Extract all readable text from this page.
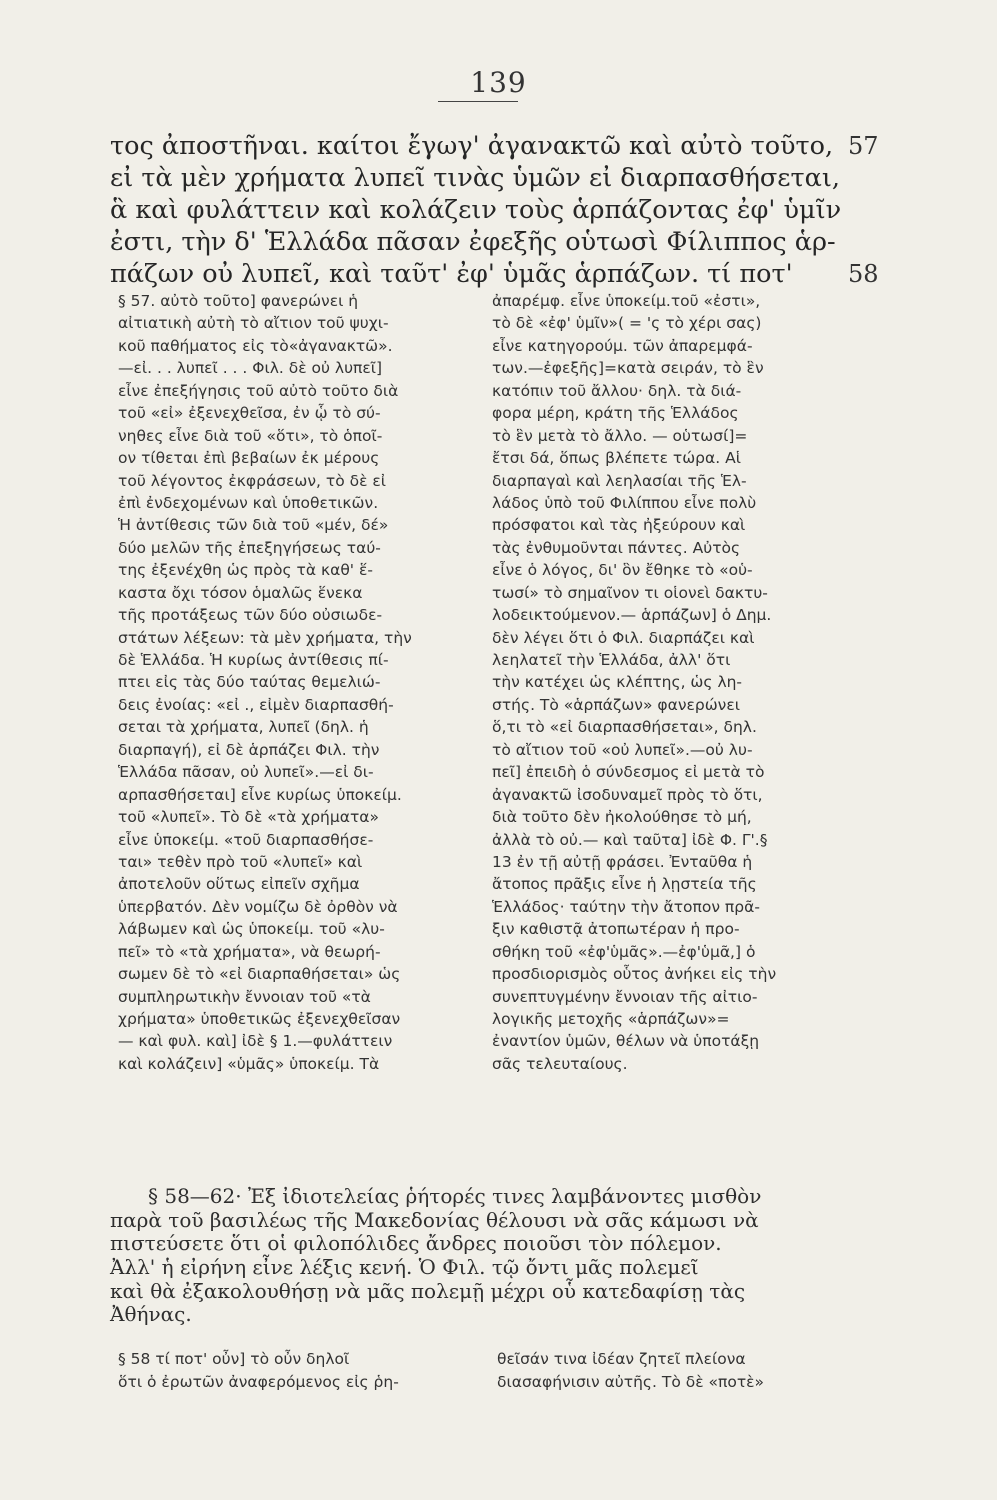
139
τος ἀποστῆναι. καίτοι ἔγωγ' ἀγανακτῶ καὶ αὐτὸ τοῦτο,
εἰ τὰ μὲν χρήματα λυπεῖ τινὰς ὑμῶν εἰ διαρπασθήσεται,
ἃ καὶ φυλάττειν καὶ κολάζειν τοὺς ἁρπάζοντας ἐφ' ὑμῖν
ἐστι, τὴν δ' Ἑλλάδα πᾶσαν ἐφεξῆς οὑτωσὶ Φίλιππος ἁρ-
πάζων οὐ λυπεῖ, καὶ ταῦτ' ἐφ' ὑμᾶς ἁρπάζων. τί ποτ'
57
58
§ 57. αὐτὸ τοῦτο] φανερώνει ἡ
αἰτιατικὴ αὐτὴ τὸ αἴτιον τοῦ ψυχι-
κοῦ παθήματος εἰς τὸ«ἀγανακτῶ».
—εἰ. . . λυπεῖ . . . Φιλ. δὲ οὐ λυπεῖ]
εἶνε ἐπεξήγησις τοῦ αὐτὸ τοῦτο διὰ
τοῦ «εἰ» ἐξενεχθεῖσα, ἐν ᾧ τὸ σύ-
νηθες εἶνε διὰ τοῦ «ὅτι», τὸ ὁποῖ-
ον τίθεται ἐπὶ βεβαίων ἐκ μέρους
τοῦ λέγοντος ἐκφράσεων, τὸ δὲ εἰ
ἐπὶ ἐνδεχομένων καὶ ὑποθετικῶν.
Ἡ ἀντίθεσις τῶν διὰ τοῦ «μέν, δέ»
δύο μελῶν τῆς ἐπεξηγήσεως ταύ-
της ἐξενέχθη ὡς πρὸς τὰ καθ' ἕ-
καστα ὄχι τόσον ὁμαλῶς ἕνεκα
τῆς προτάξεως τῶν δύο οὐσιωδε-
στάτων λέξεων: τὰ μὲν χρήματα, τὴν
δὲ Ἑλλάδα. Ἡ κυρίως ἀντίθεσις πί-
πτει εἰς τὰς δύο ταύτας θεμελιώ-
δεις ἐνοίας: «εἰ ., εἰμὲν διαρπασθή-
σεται τὰ χρήματα, λυπεῖ (δηλ. ἡ
διαρπαγή), εἰ δὲ ἁρπάζει Φιλ. τὴν
Ἑλλάδα πᾶσαν, οὐ λυπεῖ».—εἰ δι-
αρπασθήσεται] εἶνε κυρίως ὑποκείμ.
τοῦ «λυπεῖ». Τὸ δὲ «τὰ χρήματα»
εἶνε ὑποκείμ. «τοῦ διαρπασθήσε-
ται» τεθὲν πρὸ τοῦ «λυπεῖ» καὶ
ἀποτελοῦν οὕτως εἰπεῖν σχῆμα
ὑπερβατόν. Δὲν νομίζω δὲ ὀρθὸν νὰ
λάβωμεν καὶ ὡς ὑποκείμ. τοῦ «λυ-
πεῖ» τὸ «τὰ χρήματα», νὰ θεωρή-
σωμεν δὲ τὸ «εἰ διαρπαθήσεται» ὡς
συμπληρωτικὴν ἔννοιαν τοῦ «τὰ
χρήματα» ὑποθετικῶς ἐξενεχθεῖσαν
— καὶ φυλ. καὶ] ἰδὲ § 1.—φυλάττειν
καὶ κολάζειν] «ὑμᾶς» ὑποκείμ. Τὰ
ἀπαρέμφ. εἶνε ὑποκείμ.τοῦ «ἐστι»,
τὸ δὲ «ἐφ' ὑμῖν»( = 'ς τὸ χέρι σας)
εἶνε κατηγορούμ. τῶν ἀπαρεμφά-
των.—ἐφεξῆς]=κατὰ σειράν, τὸ ἓν
κατόπιν τοῦ ἄλλου· δηλ. τὰ διά-
φορα μέρη, κράτη τῆς Ἑλλάδος
τὸ ἓν μετὰ τὸ ἄλλο. — οὑτωσί]=
ἔτσι δά, ὅπως βλέπετε τώρα. Αἱ
διαρπαγαὶ καὶ λεηλασίαι τῆς Ἑλ-
λάδος ὑπὸ τοῦ Φιλίππου εἶνε πολὺ
πρόσφατοι καὶ τὰς ἠξεύρουν καὶ
τὰς ἐνθυμοῦνται πάντες. Αὐτὸς
εἶνε ὁ λόγος, δι' ὃν ἔθηκε τὸ «οὑ-
τωσί» τὸ σημαῖνον τι οἱονεὶ δακτυ-
λοδεικτούμενον.— ἁρπάζων] ὁ Δημ.
δὲν λέγει ὅτι ὁ Φιλ. διαρπάζει καὶ
λεηλατεῖ τὴν Ἑλλάδα, ἀλλ' ὅτι
τὴν κατέχει ὡς κλέπτης, ὡς λη-
στής. Τὸ «ἁρπάζων» φανερώνει
ὅ,τι τὸ «εἰ διαρπασθήσεται», δηλ.
τὸ αἴτιον τοῦ «οὐ λυπεῖ».—οὐ λυ-
πεῖ] ἐπειδὴ ὁ σύνδεσμος εἰ μετὰ τὸ
ἀγανακτῶ ἰσοδυναμεῖ πρὸς τὸ ὅτι,
διὰ τοῦτο δὲν ἠκολούθησε τὸ μή,
ἀλλὰ τὸ οὐ.— καὶ ταῦτα] ἰδὲ Φ. Γ'.§
13 ἐν τῇ αὐτῇ φράσει. Ἐνταῦθα ἡ
ἄτοπος πρᾶξις εἶνε ἡ λῃστεία τῆς
Ἑλλάδος· ταύτην τὴν ἄτοπον πρᾶ-
ξιν καθιστᾷ ἀτοπωτέραν ἡ προ-
σθήκη τοῦ «ἐφ'ὑμᾶς».—ἐφ'ὑμᾶ,] ὁ
προσδιορισμὸς οὗτος ἀνήκει εἰς τὴν
συνεπτυγμένην ἔννοιαν τῆς αἰτιο-
λογικῆς μετοχῆς «ἁρπάζων»=
ἐναντίον ὑμῶν, θέλων νὰ ὑποτάξῃ
σᾶς τελευταίους.
§ 58—62· Ἐξ ἰδιοτελείας ῥήτορές τινες λαμβάνοντες μισθὸν
παρὰ τοῦ βασιλέως τῆς Μακεδονίας θέλουσι νὰ σᾶς κάμωσι νὰ
πιστεύσετε ὅτι οἱ φιλοπόλιδες ἄνδρες ποιοῦσι τὸν πόλεμον.
Ἀλλ' ἡ εἰρήνη εἶνε λέξις κενή. Ὁ Φιλ. τῷ ὄντι μᾶς πολεμεῖ
καὶ θὰ ἐξακολουθήσῃ νὰ μᾶς πολεμῇ μέχρι οὗ κατεδαφίσῃ τὰς
Ἀθήνας.
§ 58 τί ποτ' οὖν] τὸ οὖν δηλοῖ
ὅτι ὁ ἐρωτῶν ἀναφερόμενος εἰς ῥη-
θεῖσάν τινα ἰδέαν ζητεῖ πλείονα
διασαφήνισιν αὐτῆς. Τὸ δὲ «ποτὲ»
